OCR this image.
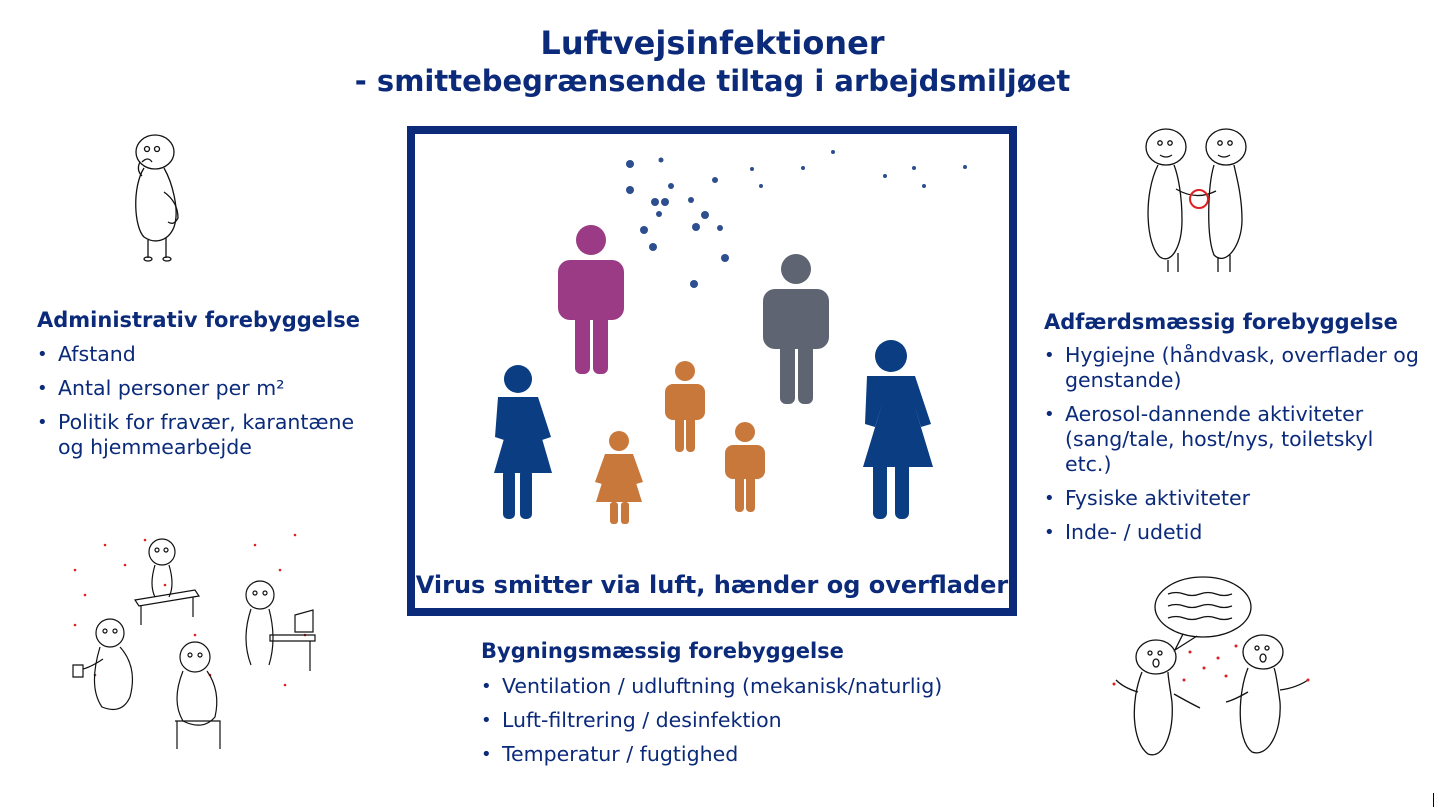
Luftvejsinfektioner
- smittebegrænsende tiltag i arbejdsmiljøet
Administrativ forebyggelse
• Afstand
• Antal personer per m²
• Politik for fravær, karantæne og hjemmearbejde
Virus smitter via luft, hænder og overflader
Bygningsmæssig forebyggelse
• Ventilation / udluftning (mekanisk/naturlig)
• Luft-filtrering / desinfektion
• Temperatur / fugtighed
Adfærdsmæssig forebyggelse
• Hygiejne (håndvask, overflader og genstande)
• Aerosol-dannende aktiviteter (sang/tale, host/nys, toiletskyl etc.)
• Fysiske aktiviteter
• Inde- / udetid
